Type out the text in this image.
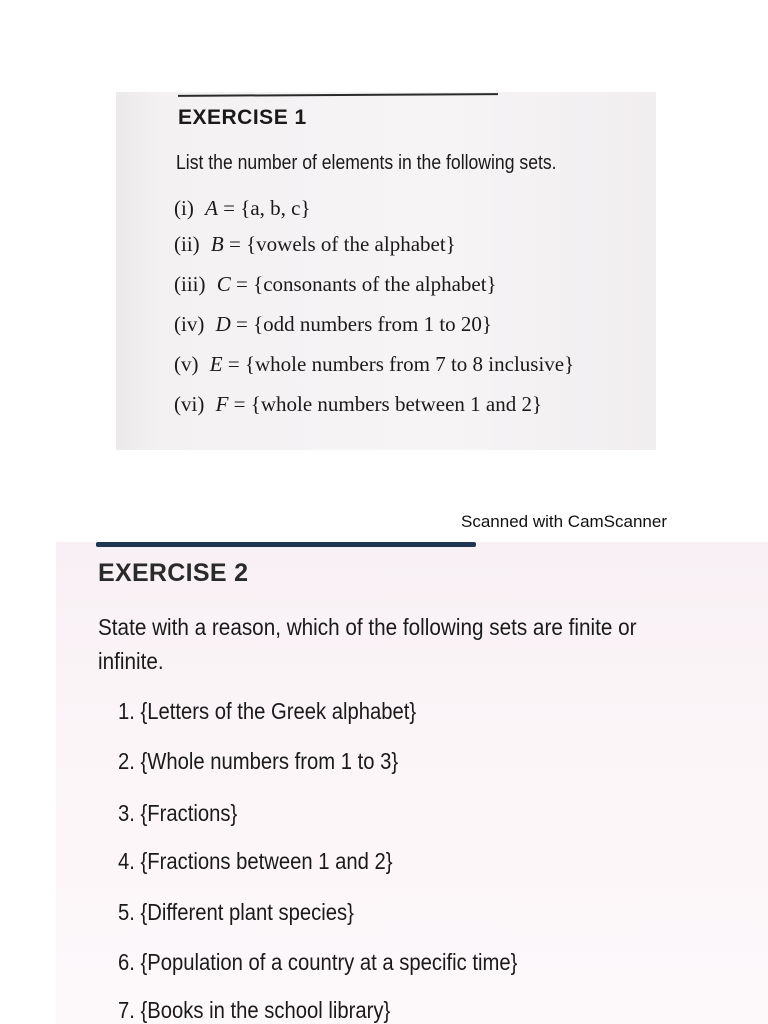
EXERCISE 1
List the number of elements in the following sets.
(i) A = {a, b, c}
(ii) B = {vowels of the alphabet}
(iii) C = {consonants of the alphabet}
(iv) D = {odd numbers from 1 to 20}
(v) E = {whole numbers from 7 to 8 inclusive}
(vi) F = {whole numbers between 1 and 2}
Scanned with CamScanner
EXERCISE 2
State with a reason, which of the following sets are finite or infinite.
1. {Letters of the Greek alphabet}
2. {Whole numbers from 1 to 3}
3. {Fractions}
4. {Fractions between 1 and 2}
5. {Different plant species}
6. {Population of a country at a specific time}
7. {Books in the school library}
